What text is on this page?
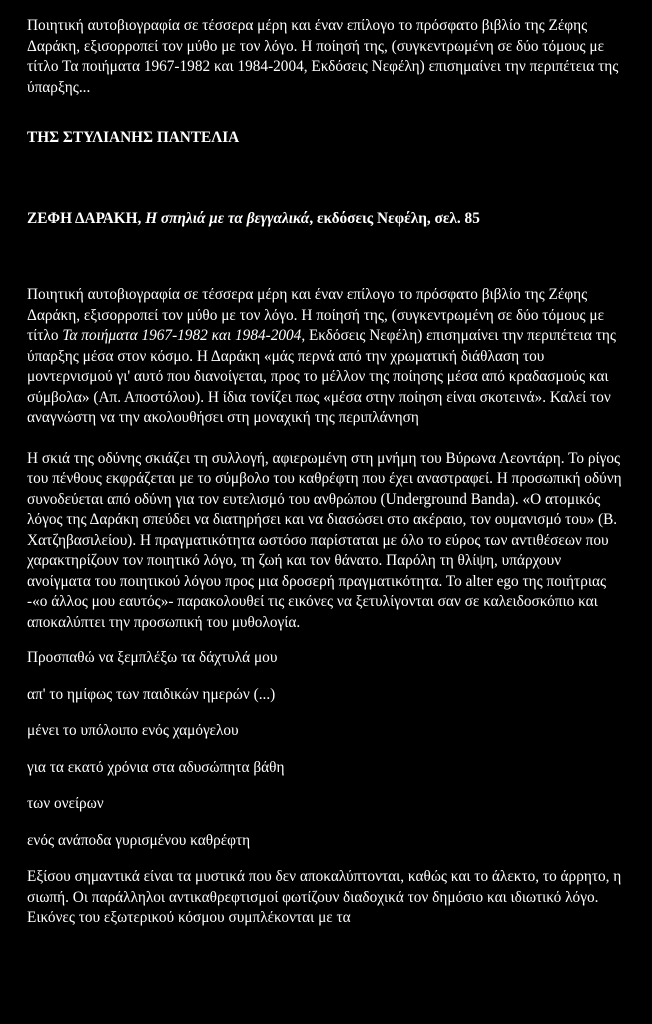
Ποιητική αυτοβιογραφία σε τέσσερα μέρη και έναν επίλογο το πρόσφατο βιβλίο της Ζέφης Δαράκη, εξισορροπεί τον μύθο με τον λόγο. Η ποίησή της, (συγκεντρωμένη σε δύο τόμους με τίτλο Τα ποιήματα 1967-1982 και 1984-2004, Εκδόσεις Νεφέλη) επισημαίνει την περιπέτεια της ύπαρξης...

ΤΗΣ ΣΤΥΛΙΑΝΗΣ ΠΑΝΤΕΛΙΑ

ΖΕΦΗ ΔΑΡΑΚΗ, Η σπηλιά με τα βεγγαλικά, εκδόσεις Νεφέλη, σελ. 85

Ποιητική αυτοβιογραφία σε τέσσερα μέρη και έναν επίλογο το πρόσφατο βιβλίο της Ζέφης Δαράκη, εξισορροπεί τον μύθο με τον λόγο. Η ποίησή της, (συγκεντρωμένη σε δύο τόμους με τίτλο Τα ποιήματα 1967-1982 και 1984-2004, Εκδόσεις Νεφέλη) επισημαίνει την περιπέτεια της ύπαρξης μέσα στον κόσμο. Η Δαράκη «μάς περνά από την χρωματική διάθλαση του μοντερνισμού γι' αυτό που διανοίγεται, προς το μέλλον της ποίησης μέσα από κραδασμούς και σύμβολα» (Απ. Αποστόλου). Η ίδια τονίζει πως «μέσα στην ποίηση είναι σκοτεινά». Καλεί τον αναγνώστη να την ακολουθήσει στη μοναχική της περιπλάνηση

Η σκιά της οδύνης σκιάζει τη συλλογή, αφιερωμένη στη μνήμη του Βύρωνα Λεοντάρη. Το ρίγος του πένθους εκφράζεται με το σύμβολο του καθρέφτη που έχει αναστραφεί. Η προσωπική οδύνη συνοδεύεται από οδύνη για τον ευτελισμό του ανθρώπου (Underground Banda). «Ο ατομικός λόγος της Δαράκη σπεύδει να διατηρήσει και να διασώσει στο ακέραιο, τον ουμανισμό του» (Β. Χατζηβασιλείου). Η πραγματικότητα ωστόσο παρίσταται με όλο το εύρος των αντιθέσεων που χαρακτηρίζουν τον ποιητικό λόγο, τη ζωή και τον θάνατο. Παρόλη τη θλίψη, υπάρχουν ανοίγματα του ποιητικού λόγου προς μια δροσερή πραγματικότητα. Το alter ego της ποιήτριας -«ο άλλος μου εαυτός»- παρακολουθεί τις εικόνες να ξετυλίγονται σαν σε καλειδοσκόπιο και αποκαλύπτει την προσωπική του μυθολογία.

Προσπαθώ να ξεμπλέξω τα δάχτυλά μου

απ' το ημίφως των παιδικών ημερών (...)

μένει το υπόλοιπο ενός χαμόγελου

για τα εκατό χρόνια στα αδυσώπητα βάθη

των ονείρων

ενός ανάποδα γυρισμένου καθρέφτη

Εξίσου σημαντικά είναι τα μυστικά που δεν αποκαλύπτονται, καθώς και το άλεκτο, το άρρητο, η σιωπή. Οι παράλληλοι αντικαθρεφτισμοί φωτίζουν διαδοχικά τον δημόσιο και ιδιωτικό λόγο. Εικόνες του εξωτερικού κόσμου συμπλέκονται με τα
